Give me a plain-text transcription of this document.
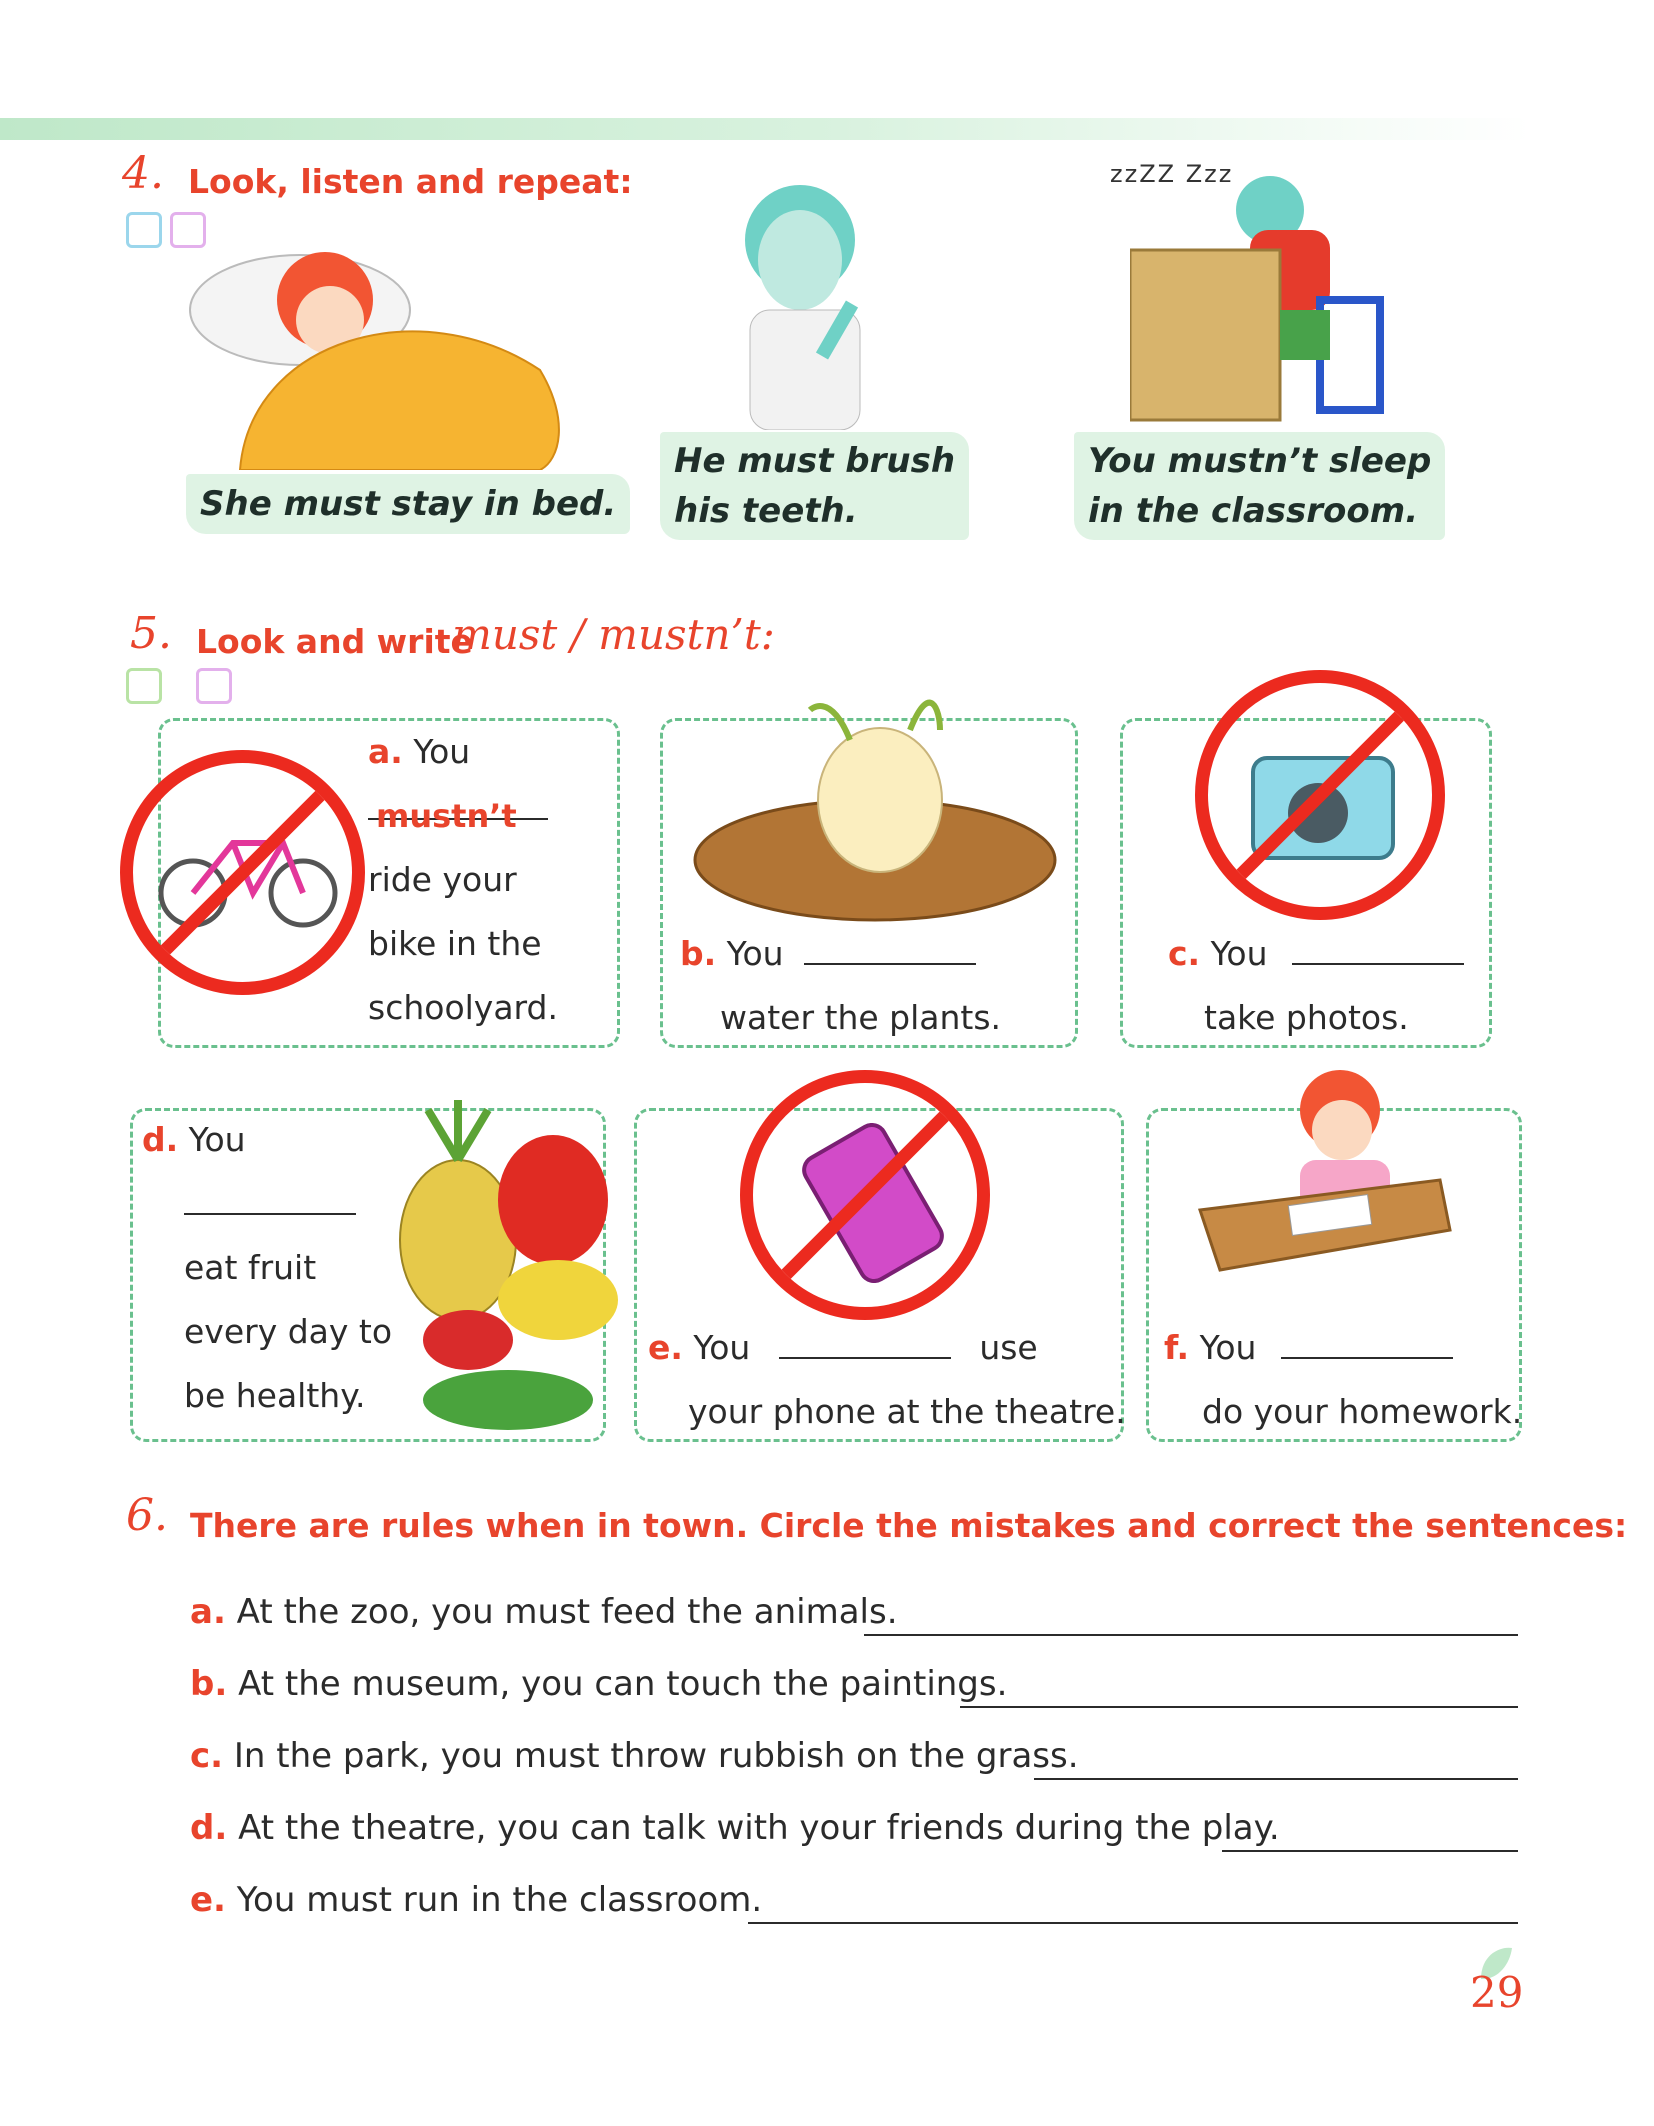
4. Look, listen and repeat:	zzZZ Zzz
She must stay in bed.
He must brush
his teeth.
You mustn’t sleep
in the classroom.
5. Look and write
must / mustn’t:
a. You
mustn’t
ride your
bike in the
schoolyard.
b. You
water the plants.
c. You
take photos.
d. You
eat fruit
every day to
be healthy.
e. You	use
your phone at the theatre.
f. You
do your homework.
6. There are rules when in town. Circle the mistakes and correct the sentences:
a. At the zoo, you must feed the animals.
b. At the museum, you can touch the paintings.
c. In the park, you must throw rubbish on the grass.
d. At the theatre, you can talk with your friends during the play.
e. You must run in the classroom.
29
